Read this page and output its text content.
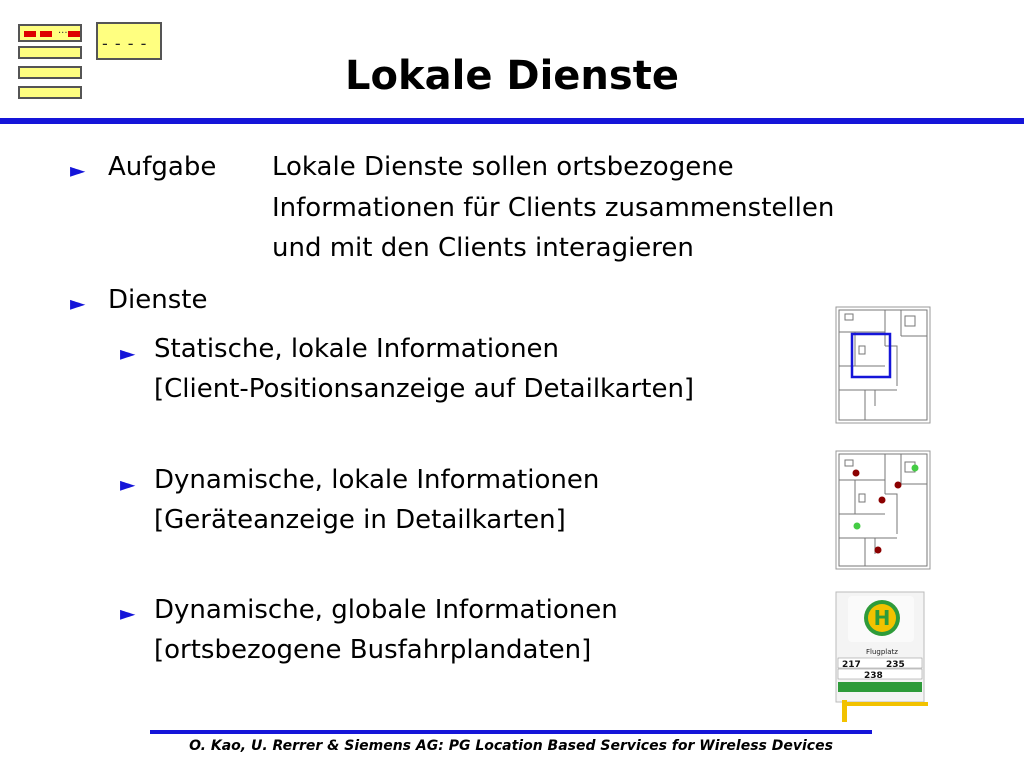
...
- - - -
Lokale Dienste
► Aufgabe Lokale Dienste sollen ortsbezogene
Informationen für Clients zusammenstellen
und mit den Clients interagieren
► Dienste
► Statische, lokale Informationen
[Client-Positionsanzeige auf Detailkarten]
► Dynamische, lokale Informationen
[Geräteanzeige in Detailkarten]
► Dynamische, globale Informationen
[ortsbezogene Busfahrplandaten]
H
Flugplatz
217	235
238
O. Kao, U. Rerrer & Siemens AG: PG Location Based Services for Wireless Devices
